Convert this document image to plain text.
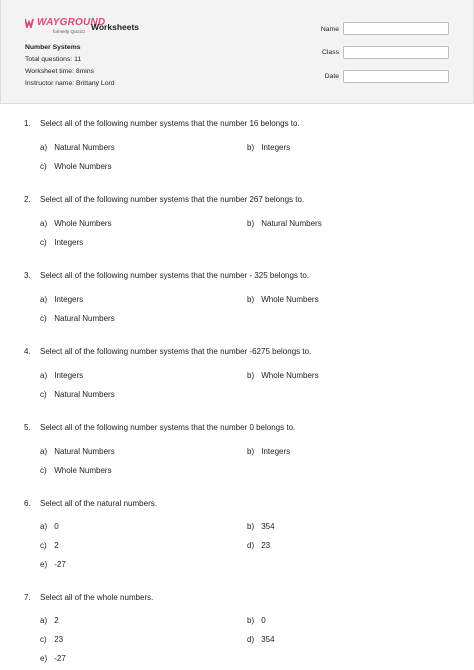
WAYGROUND
formerly Quizizz Worksheets
Number Systems
Total questions: 11
Worksheet time: 8mins
Instructor name: Brittany Lord
Name
Class
Date
1. Select all of the following number systems that the number 16 belongs to.
a) Natural Numbers	b) Integers
c) Whole Numbers
2. Select all of the following number systems that the number 267 belongs to.
a) Whole Numbers	b) Natural Numbers
c) Integers
3. Select all of the following number systems that the number - 325 belongs to.
a) Integers	b) Whole Numbers
c) Natural Numbers
4. Select all of the following number systems that the number -6275 belongs to.
a) Integers	b) Whole Numbers
c) Natural Numbers
5. Select all of the following number systems that the number 0 belongs to.
a) Natural Numbers	b) Integers
c) Whole Numbers
6. Select all of the natural numbers.
a) 0	b) 354
c) 2	d) 23
e) -27
7. Select all of the whole numbers.
a) 2	b) 0
c) 23	d) 354
e) -27
